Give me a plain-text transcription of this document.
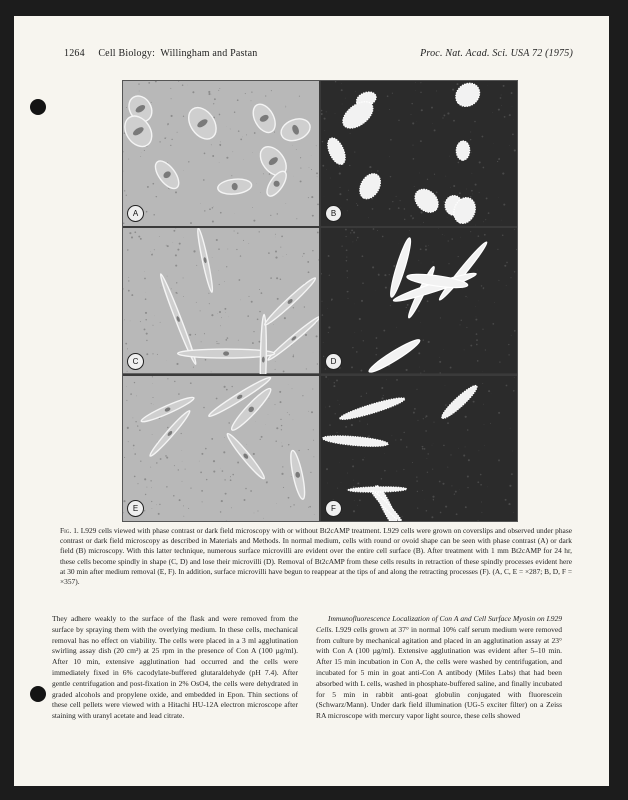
1264 Cell Biology: Willingham and Pastan	Proc. Nat. Acad. Sci. USA 72 (1975)
A	B
C	D
E	F
Fig. 1. L929 cells viewed with phase contrast or dark field microscopy with or without Bt2cAMP treatment. L929 cells were grown on coverslips and observed under phase contrast or dark field microscopy as described in Materials and Methods. In normal medium, cells with round or ovoid shape can be seen with phase contrast (A) or dark field (B) microscopy. With this latter technique, numerous surface microvilli are evident over the entire cell surface (B). After treatment with 1 mm Bt2cAMP for 24 hr, these cells become spindly in shape (C, D) and lose their microvilli (D). Removal of Bt2cAMP from these cells results in retraction of these spindly processes evident here at 30 min after medium removal (E, F). In addition, surface microvilli have begun to reappear at the tips of and along the retracting processes (F). (A, C, E = ×287; B, D, F = ×357).

They adhere weakly to the surface of the flask and were removed from the surface by spraying them with the overlying medium. In these cells, mechanical removal has no effect on viability. The cells were placed in a 3 ml agglutination swirling assay dish (20 cm²) at 25 rpm in the presence of Con A (100 µg/ml). After 10 min, extensive agglutination had occurred and the cells were immediately fixed in 6% cacodylate-buffered glutaraldehyde (pH 7.4). After gentle centrifugation and post-fixation in 2% OsO4, the cells were dehydrated in graded alcohols and propylene oxide, and embedded in Epon. Thin sections of these cell pellets were viewed with a Hitachi HU-12A electron microscope after staining with uranyl acetate and lead citrate.

Immunofluorescence Localization of Con A and Cell Surface Myosin on L929 Cells. L929 cells grown at 37° in normal 10% calf serum medium were removed from culture by mechanical agitation and placed in an agglutination assay at 23° with Con A (100 µg/ml). Extensive agglutination was evident after 5–10 min. After 15 min incubation in Con A, the cells were washed by centrifugation, and incubated for 5 min in goat anti-Con A antibody (Miles Labs) that had been absorbed with L cells, washed in phosphate-buffered saline, and finally incubated for 5 min in rabbit anti-goat globulin conjugated with fluorescein (Schwarz/Mann). Under dark field illumination (UG-5 exciter filter) on a Zeiss RA microscope with mercury vapor light source, these cells showed
